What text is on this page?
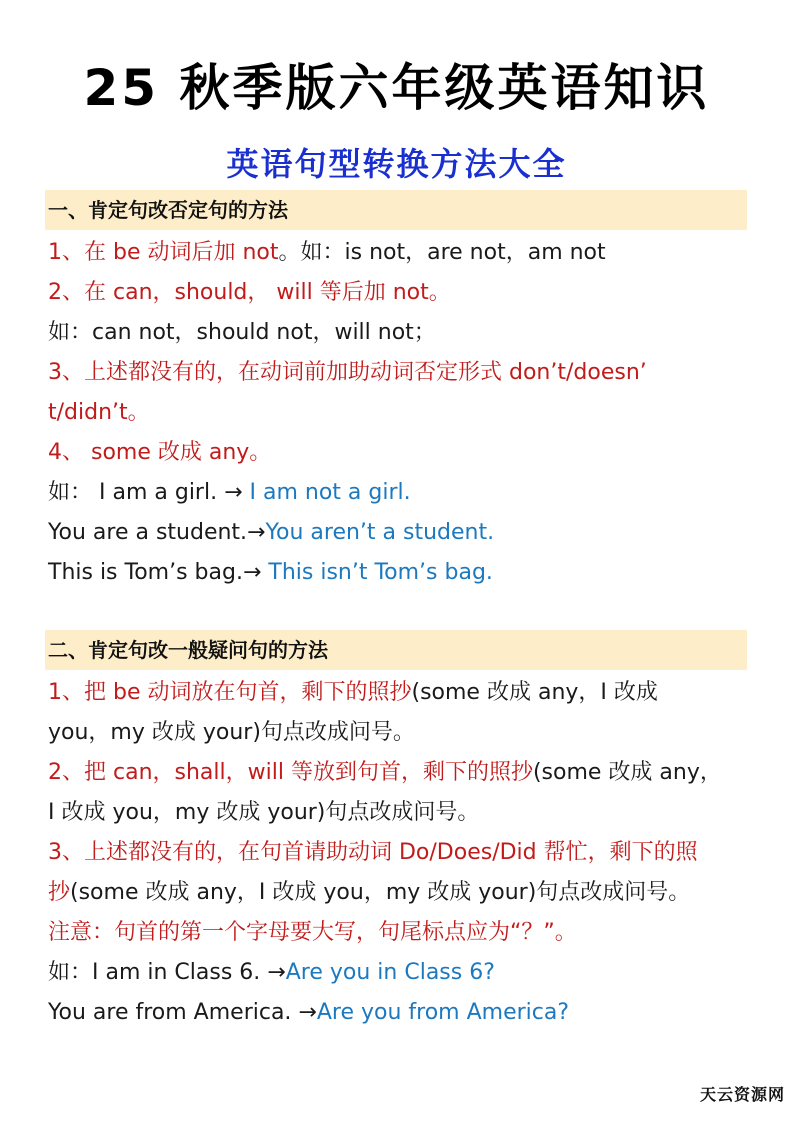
25 秋季版六年级英语知识
英语句型转换方法大全
一、肯定句改否定句的方法
1、在 be 动词后加 not。如：is not，are not，am not
2、在 can，should， will 等后加 not。
如：can not，should not，will not；
3、上述都没有的，在动词前加助动词否定形式 don’t/doesn’
t/didn’t。
4、 some 改成 any。
如： I am a girl. → I am not a girl.
You are a student.→You aren’t a student.
This is Tom’s bag.→ This isn’t Tom’s bag.
二、肯定句改一般疑问句的方法
1、把 be 动词放在句首，剩下的照抄(some 改成 any，I 改成
you，my 改成 your)句点改成问号。
2、把 can，shall，will 等放到句首，剩下的照抄(some 改成 any，
I 改成 you，my 改成 your)句点改成问号。
3、上述都没有的，在句首请助动词 Do/Does/Did 帮忙，剩下的照
抄(some 改成 any，I 改成 you，my 改成 your)句点改成问号。
注意：句首的第一个字母要大写，句尾标点应为“？”。
如：I am in Class 6. →Are you in Class 6?
You are from America. →Are you from America?
天云资源网
